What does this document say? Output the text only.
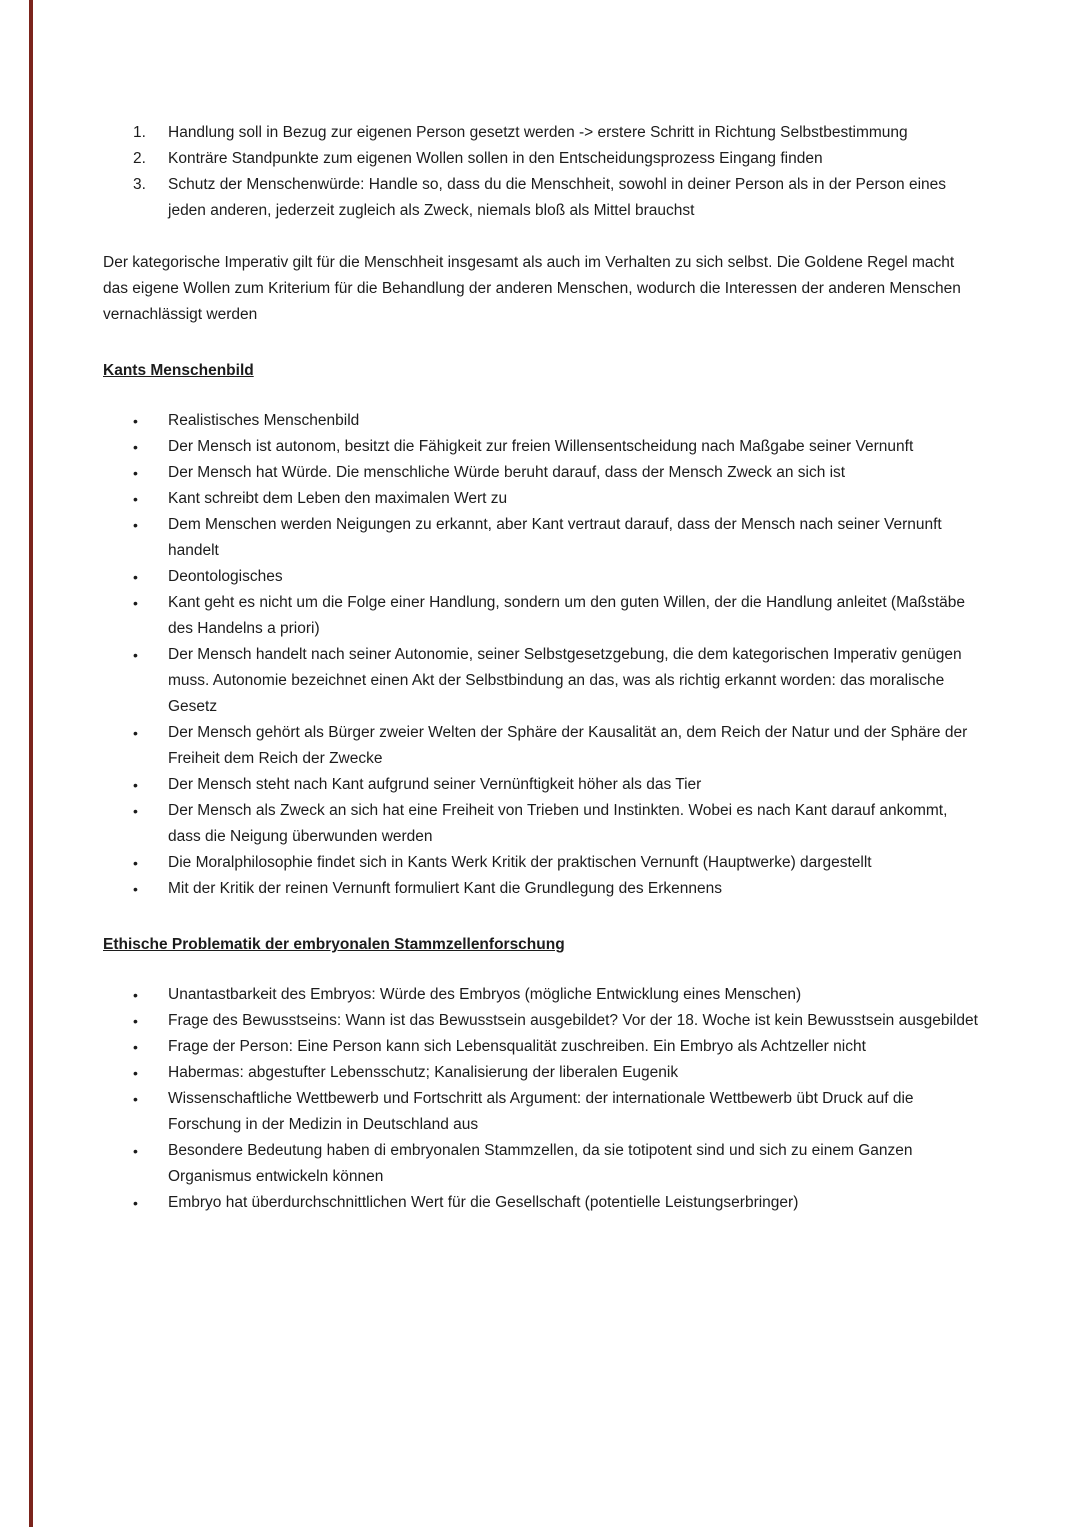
1.	Handlung soll in Bezug zur eigenen Person gesetzt werden -> erstere Schritt in Richtung Selbstbestimmung
2.	Konträre Standpunkte zum eigenen Wollen sollen in den Entscheidungsprozess Eingang finden
3.	Schutz der Menschenwürde: Handle so, dass du die Menschheit, sowohl in deiner Person als in der Person eines jeden anderen, jederzeit zugleich als Zweck, niemals bloß als Mittel brauchst

Der kategorische Imperativ gilt für die Menschheit insgesamt als auch im Verhalten zu sich selbst. Die Goldene Regel macht das eigene Wollen zum Kriterium für die Behandlung der anderen Menschen, wodurch die Interessen der anderen Menschen vernachlässigt werden

Kants Menschenbild
•	Realistisches Menschenbild
•	Der Mensch ist autonom, besitzt die Fähigkeit zur freien Willensentscheidung nach Maßgabe seiner Vernunft
•	Der Mensch hat Würde. Die menschliche Würde beruht darauf, dass der Mensch Zweck an sich ist
•	Kant schreibt dem Leben den maximalen Wert zu
•	Dem Menschen werden Neigungen zu erkannt, aber Kant vertraut darauf, dass der Mensch nach seiner Vernunft handelt
•	Deontologisches
•	Kant geht es nicht um die Folge einer Handlung, sondern um den guten Willen, der die Handlung anleitet (Maßstäbe des Handelns a priori)
•	Der Mensch handelt nach seiner Autonomie, seiner Selbstgesetzgebung, die dem kategorischen Imperativ genügen muss. Autonomie bezeichnet einen Akt der Selbstbindung an das, was als richtig erkannt worden: das moralische Gesetz
•	Der Mensch gehört als Bürger zweier Welten der Sphäre der Kausalität an, dem Reich der Natur und der Sphäre der Freiheit dem Reich der Zwecke
•	Der Mensch steht nach Kant aufgrund seiner Vernünftigkeit höher als das Tier
•	Der Mensch als Zweck an sich hat eine Freiheit von Trieben und Instinkten. Wobei es nach Kant darauf ankommt, dass die Neigung überwunden werden
•	Die Moralphilosophie findet sich in Kants Werk Kritik der praktischen Vernunft (Hauptwerke) dargestellt
•	Mit der Kritik der reinen Vernunft formuliert Kant die Grundlegung des Erkennens
Ethische Problematik der embryonalen Stammzellenforschung
•	Unantastbarkeit des Embryos: Würde des Embryos (mögliche Entwicklung eines Menschen)
•	Frage des Bewusstseins: Wann ist das Bewusstsein ausgebildet? Vor der 18. Woche ist kein Bewusstsein ausgebildet
•	Frage der Person: Eine Person kann sich Lebensqualität zuschreiben. Ein Embryo als Achtzeller nicht
•	Habermas: abgestufter Lebensschutz; Kanalisierung der liberalen Eugenik
•	Wissenschaftliche Wettbewerb und Fortschritt als Argument: der internationale Wettbewerb übt Druck auf die Forschung in der Medizin in Deutschland aus
•	Besondere Bedeutung haben di embryonalen Stammzellen, da sie totipotent sind und sich zu einem Ganzen Organismus entwickeln können
•	Embryo hat überdurchschnittlichen Wert für die Gesellschaft (potentielle Leistungserbringer)
